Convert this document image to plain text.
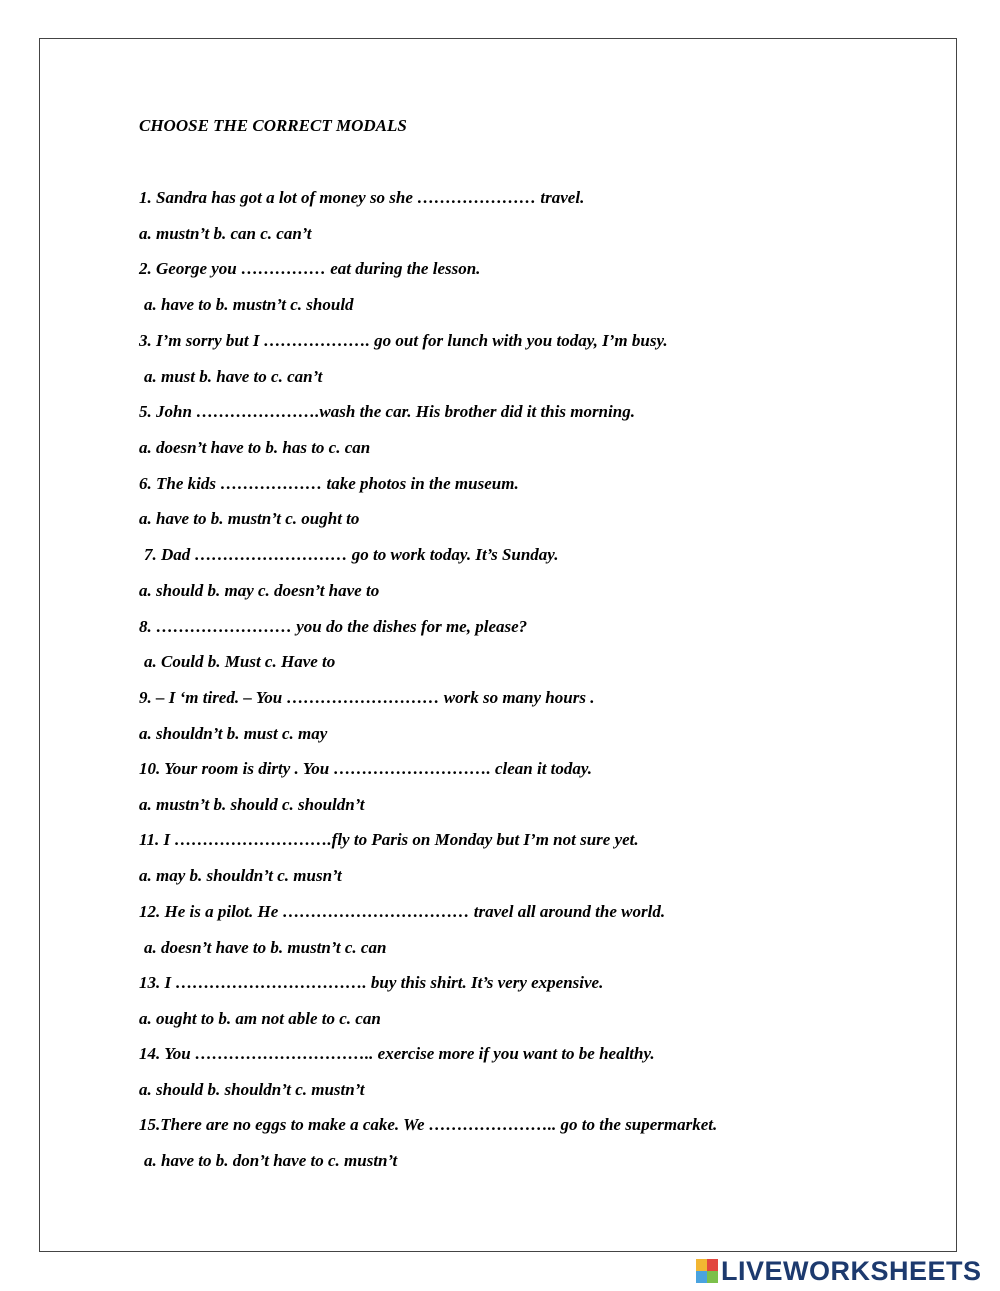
CHOOSE THE CORRECT MODALS
1. Sandra has got a lot of money so she ………………… travel.
a. mustn’t b. can c. can’t
2. George you …………… eat during the lesson.
a. have to b. mustn’t c. should
3. I’m sorry but I ………………. go out for lunch with you today, I’m busy.
a. must b. have to c. can’t
5. John ………………….wash the car. His brother did it this morning.
a. doesn’t have to b. has to c. can
6. The kids ……………… take photos in the museum.
a. have to b. mustn’t c. ought to
7. Dad ……………………… go to work today. It’s Sunday.
a. should b. may c. doesn’t have to
8. …………………… you do the dishes for me, please?
a. Could b. Must c. Have to
9. – I ‘m tired. – You ……………………… work so many hours .
a. shouldn’t b. must c. may
10. Your room is dirty . You ………………………. clean it today.
a. mustn’t b. should c. shouldn’t
11. I ……………………….fly to Paris on Monday but I’m not sure yet.
a. may b. shouldn’t c. musn’t
12. He is a pilot. He …………………………… travel all around the world.
a. doesn’t have to b. mustn’t c. can
13. I ……………………………. buy this shirt. It’s very expensive.
a. ought to b. am not able to c. can
14. You ………………………….. exercise more if you want to be healthy.
a. should b. shouldn’t c. mustn’t
15.There are no eggs to make a cake. We ………………….. go to the supermarket.
a. have to b. don’t have to c. mustn’t
LIVEWORKSHEETS
